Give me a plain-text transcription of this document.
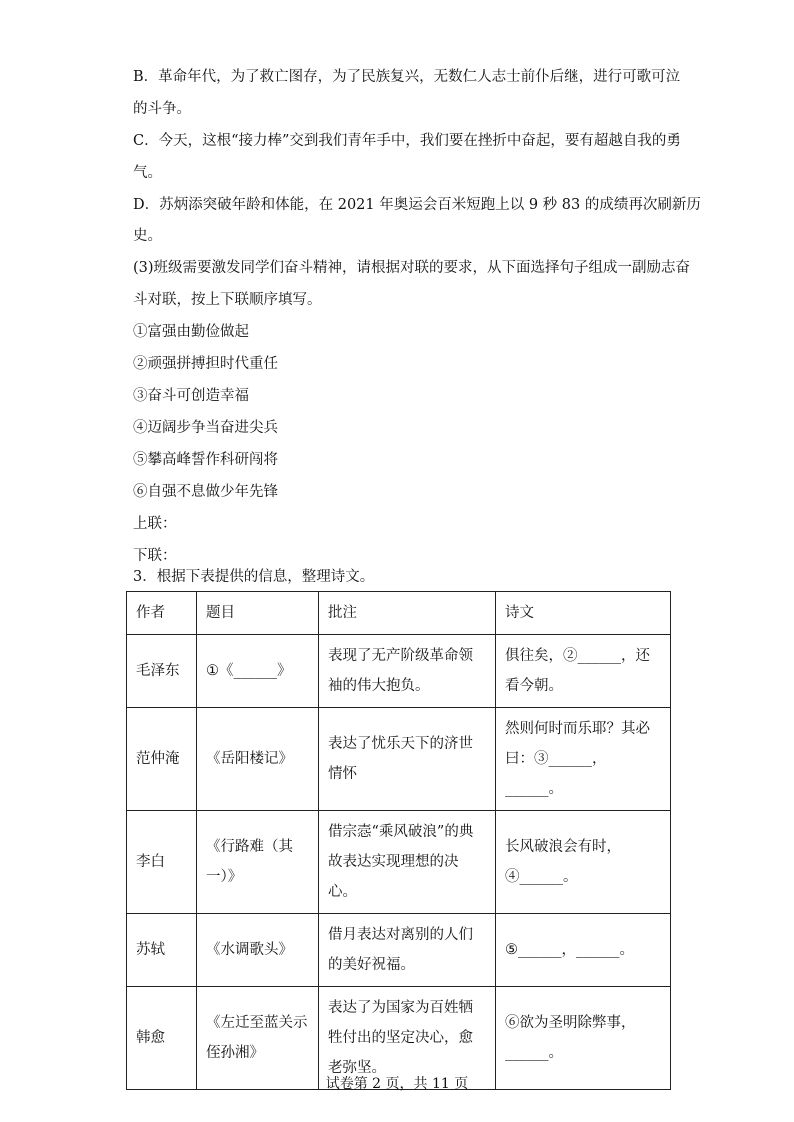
B．革命年代，为了救亡图存，为了民族复兴，无数仁人志士前仆后继，进行可歌可泣
的斗争。
C．今天，这根“接力棒”交到我们青年手中，我们要在挫折中奋起，要有超越自我的勇
气。
D．苏炳添突破年龄和体能，在 2021 年奥运会百米短跑上以 9 秒 83 的成绩再次刷新历
史。
(3)班级需要激发同学们奋斗精神，请根据对联的要求，从下面选择句子组成一副励志奋
斗对联，按上下联顺序填写。
①富强由勤俭做起
②顽强拼搏担时代重任
③奋斗可创造幸福
④迈阔步争当奋进尖兵
⑤攀高峰誓作科研闯将
⑥自强不息做少年先锋
上联：
下联：
3．根据下表提供的信息，整理诗文。
作者	题目	批注	诗文
毛泽东	①《______》	表现了无产阶级革命领袖的伟大抱负。	俱往矣，②______，还看今朝。
范仲淹	《岳阳楼记》	表达了忧乐天下的济世情怀	然则何时而乐耶？其必曰：③______，______。
李白	《行路难（其一）》	借宗悫“乘风破浪”的典故表达实现理想的决心。	长风破浪会有时，④______。
苏轼	《水调歌头》	借月表达对离别的人们的美好祝福。	⑤______，______。
韩愈	《左迁至蓝关示侄孙湘》	表达了为国家为百姓牺牲付出的坚定决心，愈老弥坚。	⑥欲为圣明除弊事，______。
试卷第 2 页，共 11 页
